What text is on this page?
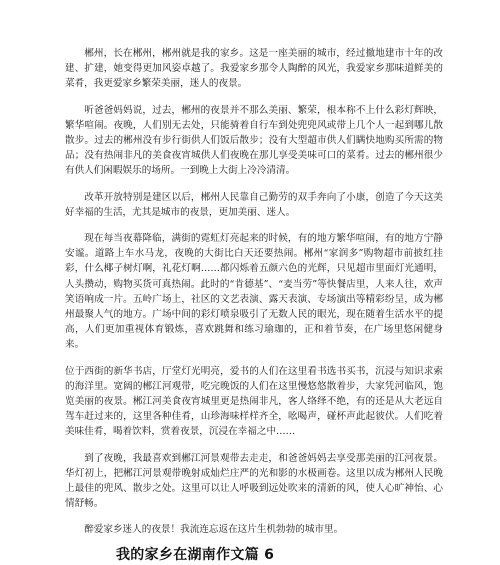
郴州，长在郴州，郴州就是我的家乡。这是一座美丽的城市，经过撤地建市十年的改建、扩建，她变得更加风姿卓越了。我爱家乡那令人陶醉的风光，我爱家乡那味道鲜美的菜肴，我更爱家乡繁荣美丽，迷人的夜景。

听爸爸妈妈说，过去，郴州的夜景并不那么美丽、繁荣，根本称不上什么彩灯辉映，繁华喧闹。夜晚，人们别无去处，只能骑着自行车到处兜兜风或带上几个人一起到哪儿散散步。过去的郴州没有步行街供人们饭后散步；没有大型超市供人们瞒快地购买所需的物品；没有热闹非凡的美食夜宵城供人们夜晚在那儿享受美味可口的菜肴。过去的郴州很少有供人们闲暇娱乐的场所。一到晚上大街上冷冷清清。

改革开放特别是建区以后，郴州人民靠自己勤劳的双手奔向了小康，创造了今天这美好幸福的生活，尤其是城市的夜景，更加美丽、迷人。

现在每当夜幕降临，满街的霓虹灯亮起来的时候，有的地方繁华喧闹，有的地方宁静安谧。道路上车水马龙，夜晚的大街比白天还要热闹。郴州“家润多”购物超市前披红挂彩，什么椰子树灯啊，礼花灯啊……都闪烁着五颜六色的光辉，只见超市里面灯光通明，人头攒动，购物买货可真热闹。此时的“肯德基”、“麦当劳”等快餐店里，人来人往，欢声笑语响成一片。五岭广场上，社区的文艺表演、露天表演、专场演出等精彩纷呈，成为郴州最聚人气的地方。广场中间的彩灯喷泉吸引了无数人民的眼光，现在随着生活水平的提高，人们更加重视体育锻炼，喜欢跳舞和练习瑜珈的，正和着节奏，在广场里悠闲健身来。

位于西街的新华书店，厅堂灯光明亮，爱书的人们在这里看书选书买书，沉浸与知识求索的海洋里。宽阔的郴江河观带，吃完晚饭的人们在这里慢悠悠散着步，大家凭河临风，饱览美丽的夜景。郴江河美食夜宵城里更是热闹非凡，客人络绎不绝，有的还是从大老远自驾车赶过来的，这里各种佳肴，山珍海味样样齐全，吆喝声，碰杯声此起彼伏。人们吃着美味佳肴，喝着饮料，赏着夜景，沉浸在幸福之中……

到了夜晚，我最喜欢到郴江河景观带去走走，和爸爸妈妈去享受那美丽的江河夜景。华灯初上，把郴江河景观带晚射成灿烂庄严的光和影的水极画卷。这里以成为郴州人民晚上最佳的兜风、散步之处。这里可以让人呼吸到远处吹来的清新的风，使人心旷神怡、心情舒畅。

醉爱家乡迷人的夜景！我流连忘返在这片生机勃勃的城市里。

我的家乡在湖南作文篇 6
